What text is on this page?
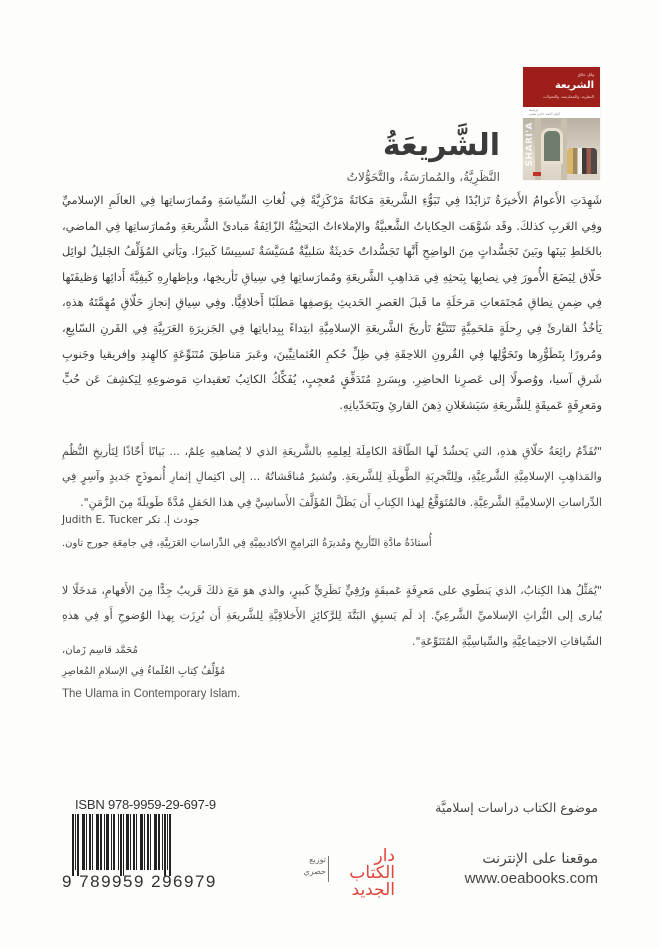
وائل حلاق
الشريعة
النظرية، والممارسة، والتحولات
ترجمة
كيان أحمد حازم يحيى
SHARI'A
الشَّريعَةُ
النَّظَرِيَّةُ، والمُمارَسَةُ، والتَّحَوُّلاتُ
شَهِدَتِ الأَعوامُ الأَخيرَةُ تَزايُدًا فِي تَبَوُّءِ الشَّريعَةِ مَكانَةً مَرْكَزِيَّةً فِي لُغاتِ السِّياسَةِ ومُمارَساتِها فِي العالَمِ الإسلاميِّ وفِي الغَربِ كذلكَ. وقَد شَوَّهَت الحِكاياتُ الشَّعبيَّةُ والإملاءاتُ البَحثِيَّةُ الزّائِفَةُ مَبادئَ الشَّريعَةِ ومُمارَساتِها فِي الماضي، بالخَلطِ بَينَها وبَينَ تَجَسُّداتٍ مِنَ الواضِحِ أَنَّها تَجَسُّداتٌ حَديثَةٌ سَلبيَّةٌ مُسَيَّسَةٌ تَسييسًا كَبيرًا. ويَأتي المُؤَلِّفُ الجَليلُ لوائِل حَلّاق لِيَضَعَ الأُمورَ فِي نِصابِها بِبَحثِهِ فِي مَذاهِبِ الشَّريعَةِ ومُمارَساتِها فِي سِياقِ تَأريخِها، وبإظهارِهِ كَيفِيَّةَ أَدائِها وَظيفَتَها فِي ضِمنِ نِطاقِ مُجتَمَعاتِ مَرحَلَةِ ما قَبلَ العَصرِ الحَديثِ بِوَصفِها مَطلَبًا أَخلاقِيًّا. وفِي سِياقِ إنجازِ حَلّاقِ مُهِمَّتَهُ هذهِ، يَأخُذُ القارئَ فِي رِحلَةٍ مَلحَمِيَّةٍ تَتَتَبَّعُ تَأريخَ الشَّريعَةِ الإسلامِيَّةِ ابتِداءً بِبِداياتِها فِي الجَزيرَةِ العَرَبِيَّةِ فِي القَرنِ السّابِعِ، ومُرورًا بِتَطَوُّرِها وتَحَوُّلِها فِي القُرونِ اللاحِقَةِ فِي ظِلِّ حُكمِ العُثمانِيِّينَ، وعَبرَ مَناطِقَ مُتَنَوِّعَةٍ كالهِندِ وإفريقيا وجَنوبِ شَرقِ آسيا، ووُصولًا إلى عَصرِنا الحاضِرِ. وبِسَردٍ مُتَدَفِّقٍ مُعجِبٍ، يُفَكِّكُ الكاتِبُ تَعقيداتِ مَوضوعِهِ لِيَكشِفَ عَن حُبٍّ ومَعرِفَةٍ عَميقَةٍ لِلشَّريعَةِ سَيَشغَلانِ ذِهنَ القارئِ ويَتَحَدّيانِهِ.
"تُقَدِّمُ رائِعَةُ حَلّاقِ هذهِ، التي يَحشُدُ لَها الطّاقَةَ الكامِلَةَ لِعِلمِهِ بالشَّريعَةِ الذي لا يُضاهيهِ عِلمٌ، ... بَيانًا أَخّاذًا لِتَأريخِ النُّظُمِ والمَذاهِبِ الإسلامِيَّةِ الشَّرعِيَّةِ، ولِلتَّجرِبَةِ الطَّويلَةِ لِلشَّريعَةِ. وتُشيرُ مُناقَشاتُهُ ... إلى اكتِمالِ إثمارِ أُنموذَجٍ جَديدٍ وآسِرٍ فِي الدِّراساتِ الإسلامِيَّةِ الشَّرعِيَّةِ. فالمُتَوَقَّعُ لِهذا الكِتابِ أَن يَظَلَّ المُؤَلَّفَ الأَساسِيَّ فِي هذا الحَقلِ مُدَّةً طَويلَةً مِنَ الزَّمَنِ".
جودث إ. تكر Judith E. Tucker
أُستاذَةُ مادَّةِ التّأريخِ ومُديرَةُ البَرامِجِ الأكاديمِيَّةِ فِي الدِّراساتِ العَرَبِيَّةِ، فِي جامِعَةِ جورج تاون.
"يُمَثِّلُ هذا الكِتابُ، الذي يَنطَوي على مَعرِفَةٍ عَميقَةٍ ورُقِيٍّ نَظَرِيٍّ كَبيرٍ، والذي هوَ مَعَ ذلكَ قَريبٌ جِدًّا مِنَ الأَفهامِ، مَدخَلًا لا يُبارى إلى التُّراثِ الإسلاميِّ الشَّرعِيِّ. إذ لَم يَسبِقِ البَتَّةَ لِلرَّكائِزِ الأَخلاقِيَّةِ لِلشَّريعَةِ أَن بُرِزَت بِهذا الوُضوحِ أَو فِي هذهِ السِّياقاتِ الاجتِماعِيَّةِ والسِّياسِيَّةِ المُتَنَوِّعَةِ".
مُحَمَّد قاسِم زَمان،
مُؤَلِّفُ كِتابِ العُلَماءُ فِي الإسلامِ المُعاصِرِ
The Ulama in Contemporary Islam.
موضوع الكتاب دراسات إسلاميَّة
موقعنا على الإنترنت
www.oeabooks.com
دار الكتاب
الجديد
توزيع
حصري
ISBN 978-9959-29-697-9
9 789959 296979
